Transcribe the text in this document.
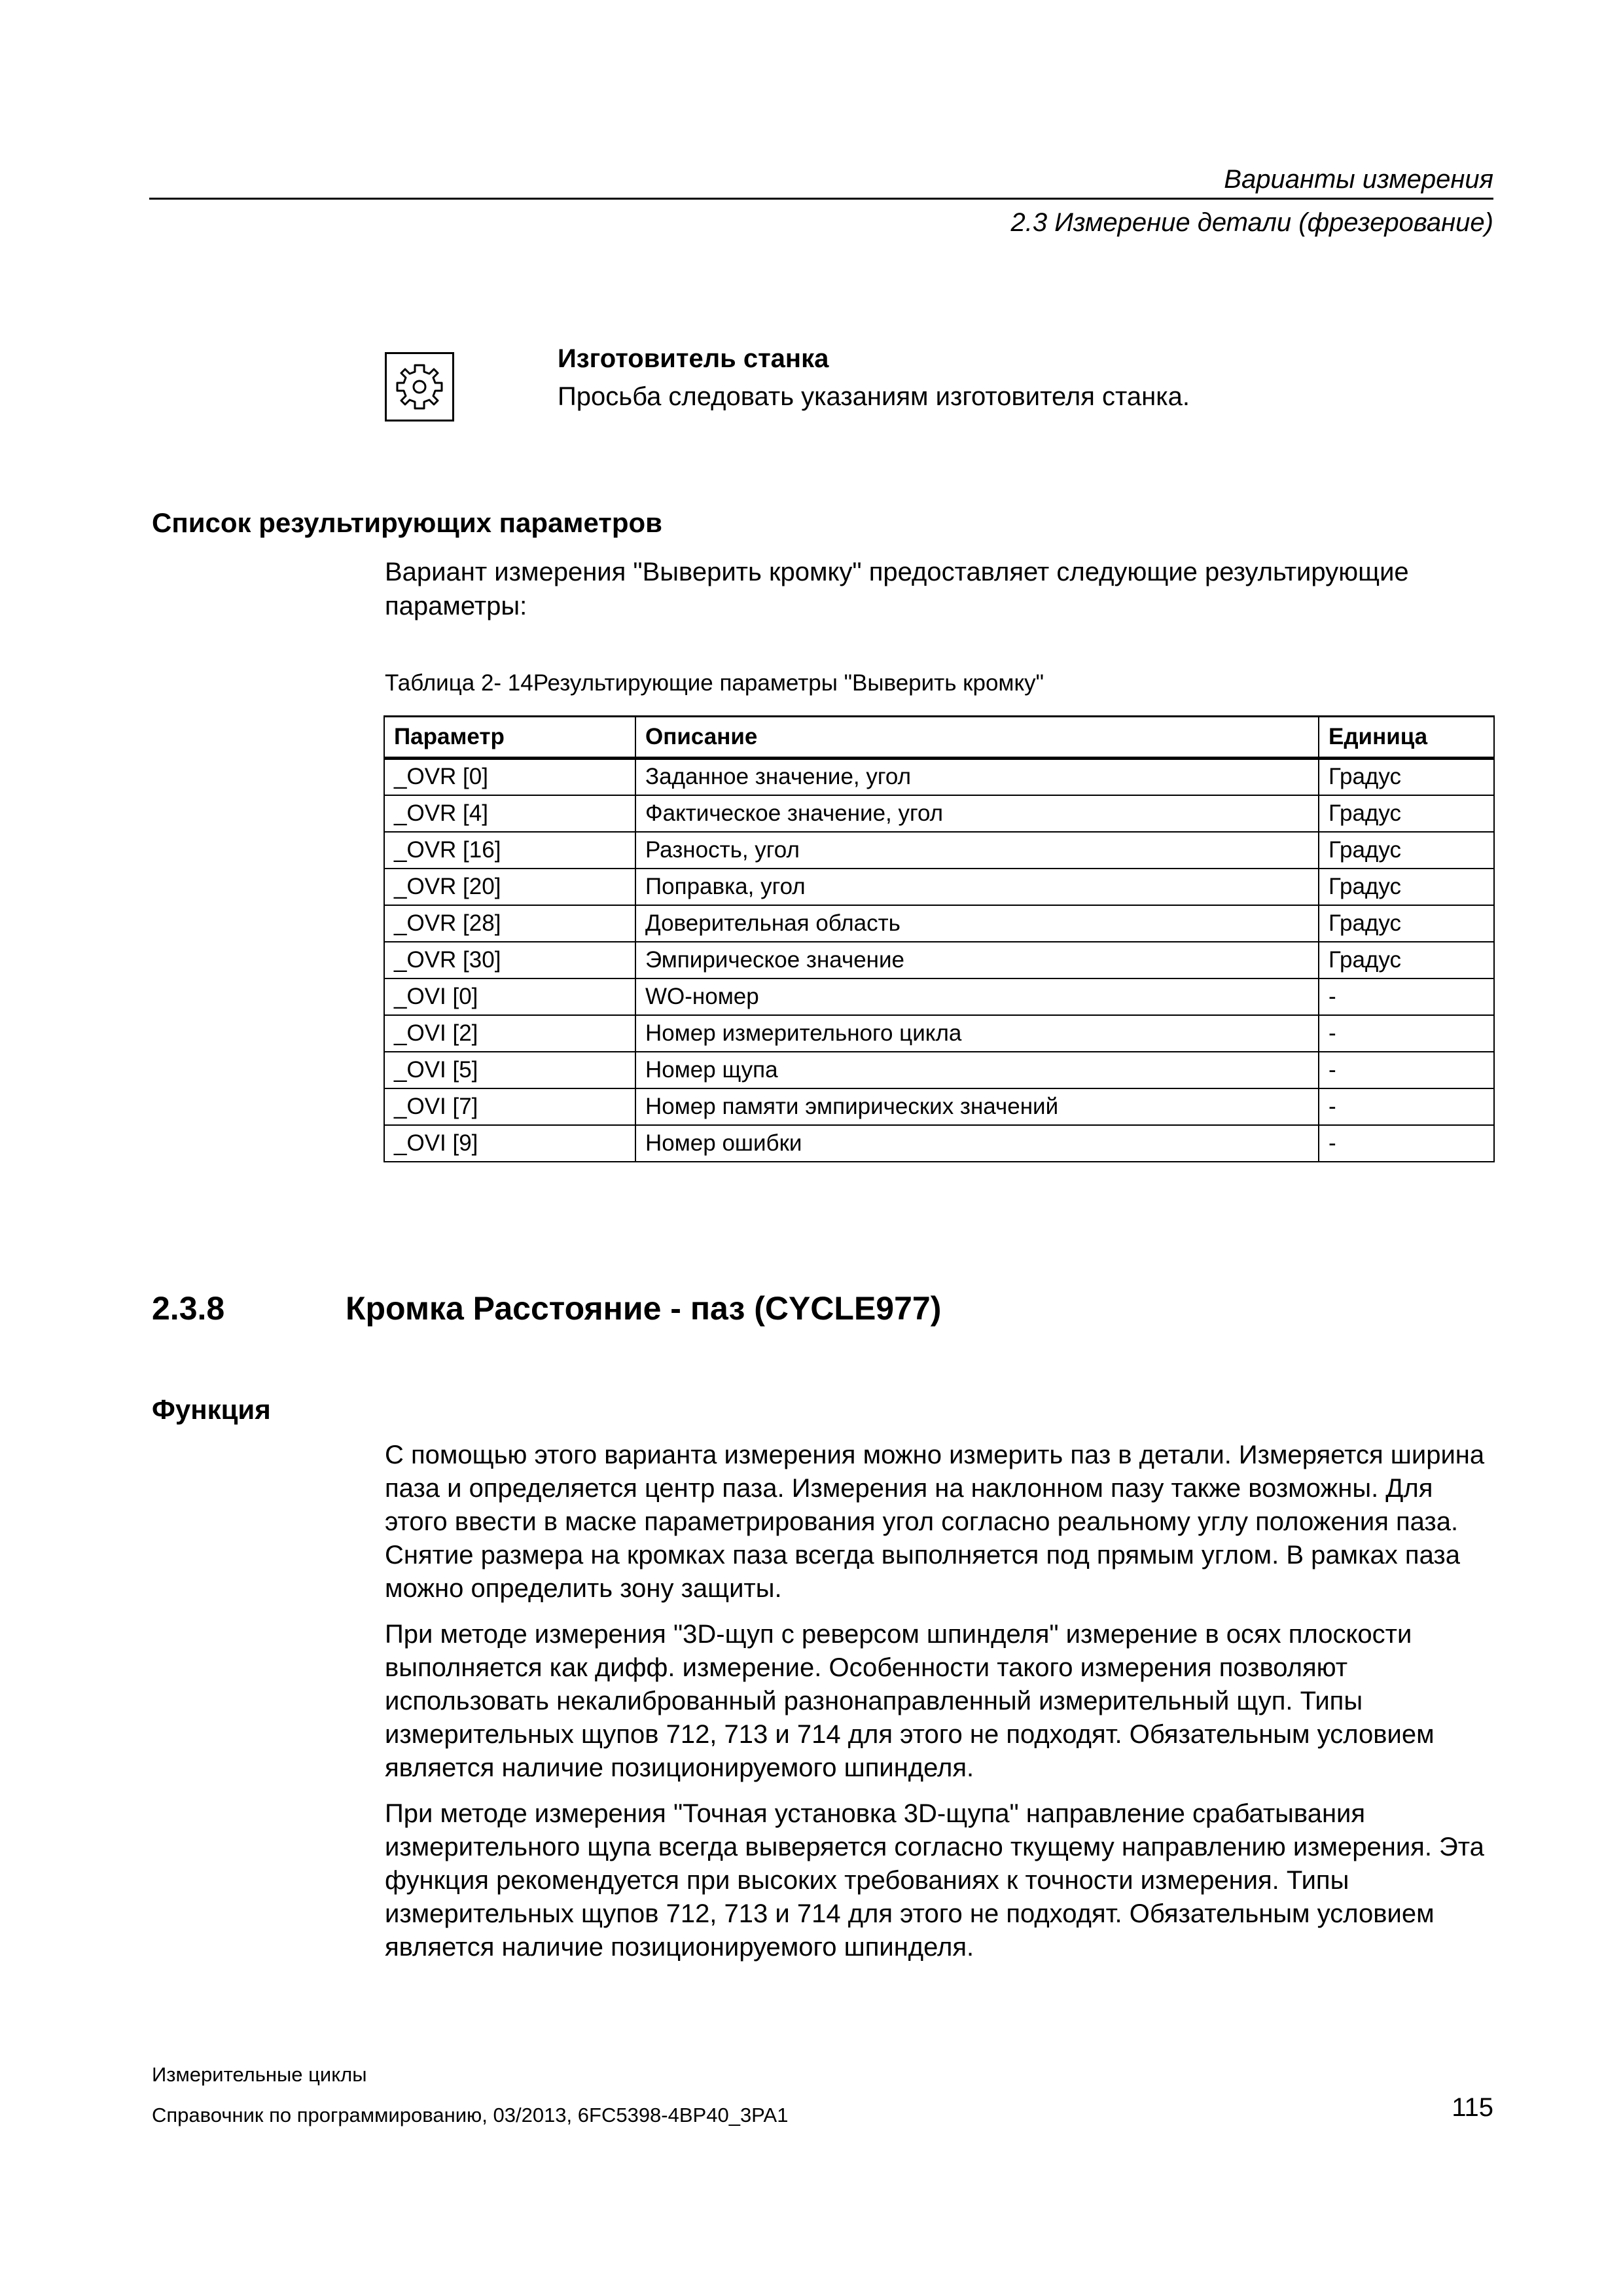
Варианты измерения
2.3 Измерение детали (фрезерование)
Изготовитель станка
Просьба следовать указаниям изготовителя станка.
Список результирующих параметров
Вариант измерения "Выверить кромку" предоставляет следующие результирующие параметры:
Таблица 2- 14Результирующие параметры "Выверить кромку"
Параметр	Описание	Единица
_OVR [0]	Заданное значение, угол	Градус
_OVR [4]	Фактическое значение, угол	Градус
_OVR [16]	Разность, угол	Градус
_OVR [20]	Поправка, угол	Градус
_OVR [28]	Доверительная область	Градус
_OVR [30]	Эмпирическое значение	Градус
_OVI [0]	WO-номер	-
_OVI [2]	Номер измерительного цикла	-
_OVI [5]	Номер щупа	-
_OVI [7]	Номер памяти эмпирических значений	-
_OVI [9]	Номер ошибки	-
2.3.8	Кромка Расстояние - паз (CYCLE977)
Функция
С помощью этого варианта измерения можно измерить паз в детали. Измеряется ширина паза и определяется центр паза. Измерения на наклонном пазу также возможны. Для этого ввести в маске параметрирования угол согласно реальному углу положения паза. Снятие размера на кромках паза всегда выполняется под прямым углом. В рамках паза можно определить зону защиты.
При методе измерения "3D-щуп с реверсом шпинделя" измерение в осях плоскости выполняется как дифф. измерение. Особенности такого измерения позволяют использовать некалиброванный разнонаправленный измерительный щуп. Типы измерительных щупов 712, 713 и 714 для этого не подходят. Обязательным условием является наличие позиционируемого шпинделя.
При методе измерения "Точная установка 3D-щупа" направление срабатывания измерительного щупа всегда выверяется согласно ткущему направлению измерения. Эта функция рекомендуется при высоких требованиях к точности измерения. Типы измерительных щупов 712, 713 и 714 для этого не подходят. Обязательным условием является наличие позиционируемого шпинделя.
Измерительные циклы
Справочник по программированию, 03/2013, 6FC5398-4BP40_3PA1	115
